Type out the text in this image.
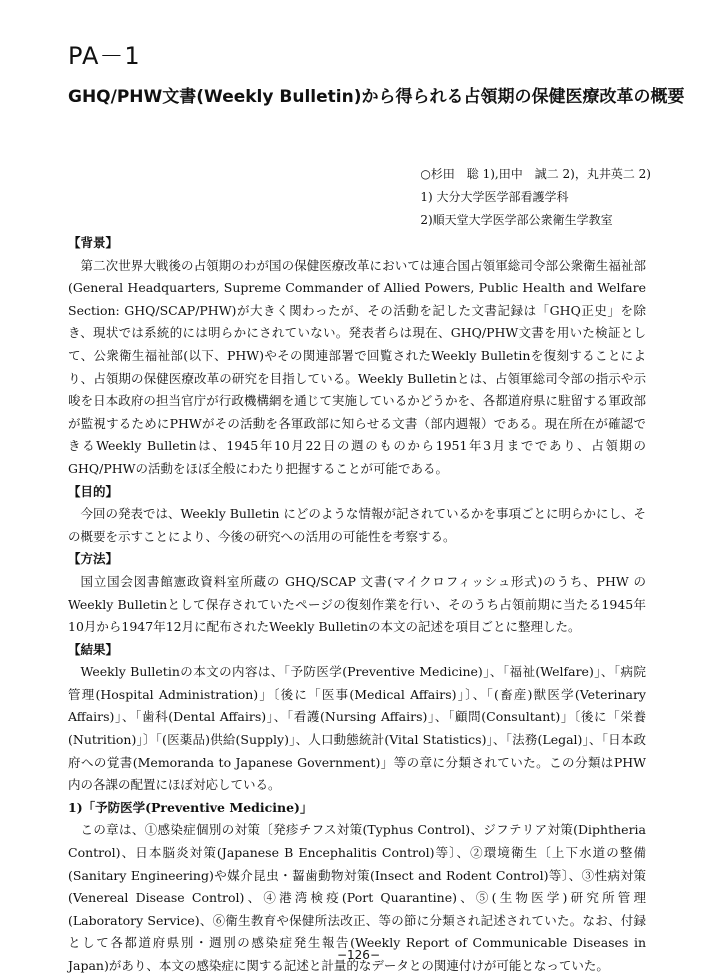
PA－1
GHQ/PHW文書(Weekly Bulletin)から得られる占領期の保健医療改革の概要
○杉田　聡 1),田中　誠二 2)，丸井英二 2)
1) 大分大学医学部看護学科
2)順天堂大学医学部公衆衛生学教室
【背景】

第二次世界大戦後の占領期のわが国の保健医療改革においては連合国占領軍総司令部公衆衛生福祉部(General Headquarters, Supreme Commander of Allied Powers, Public Health and Welfare Section: GHQ/SCAP/PHW)が大きく関わったが、その活動を記した文書記録は「GHQ正史」を除き、現状では系統的には明らかにされていない。発表者らは現在、GHQ/PHW文書を用いた検証として、公衆衛生福祉部(以下、PHW)やその関連部署で回覧されたWeekly Bulletinを復刻することにより、占領期の保健医療改革の研究を目指している。Weekly Bulletinとは、占領軍総司令部の指示や示唆を日本政府の担当官庁が行政機構網を通じて実施しているかどうかを、各都道府県に駐留する軍政部が監視するためにPHWがその活動を各軍政部に知らせる文書（部内週報）である。現在所在が確認できるWeekly Bulletinは、1945年10月22日の週のものから1951年3月までであり、占領期のGHQ/PHWの活動をほぼ全般にわたり把握することが可能である。

【目的】

今回の発表では、Weekly Bulletin にどのような情報が記されているかを事項ごとに明らかにし、その概要を示すことにより、今後の研究への活用の可能性を考察する。

【方法】

国立国会図書館憲政資料室所蔵の GHQ/SCAP 文書(マイクロフィッシュ形式)のうち、PHW のWeekly Bulletinとして保存されていたページの復刻作業を行い、そのうち占領前期に当たる1945年10月から1947年12月に配布されたWeekly Bulletinの本文の記述を項目ごとに整理した。

【結果】

Weekly Bulletinの本文の内容は、「予防医学(Preventive Medicine)」、「福祉(Welfare)」、「病院管理(Hospital Administration)」〔後に「医事(Medical Affairs)」〕、「(畜産)獣医学(Veterinary Affairs)」、「歯科(Dental Affairs)」、「看護(Nursing Affairs)」、「顧問(Consultant)」〔後に「栄養(Nutrition)」〕「(医薬品)供給(Supply)」、人口動態統計(Vital Statistics)」、「法務(Legal)」、「日本政府への覚書(Memoranda to Japanese Government)」等の章に分類されていた。この分類はPHW内の各課の配置にほぼ対応している。

1)「予防医学(Preventive Medicine)」

この章は、①感染症個別の対策〔発疹チフス対策(Typhus Control)、ジフテリア対策(Diphtheria Control)、日本脳炎対策(Japanese B Encephalitis Control)等〕、②環境衛生〔上下水道の整備(Sanitary Engineering)や媒介昆虫・齧歯動物対策(Insect and Rodent Control)等〕、③性病対策(Venereal Disease Control)、④港湾検疫(Port Quarantine)、⑤(生物医学)研究所管理(Laboratory Service)、⑥衛生教育や保健所法改正、等の節に分類され記述されていた。なお、付録として各都道府県別・週別の感染症発生報告(Weekly Report of Communicable Diseases in Japan)があり、本文の感染症に関する記述と計量的なデータとの関連付けが可能となっていた。

−126−
